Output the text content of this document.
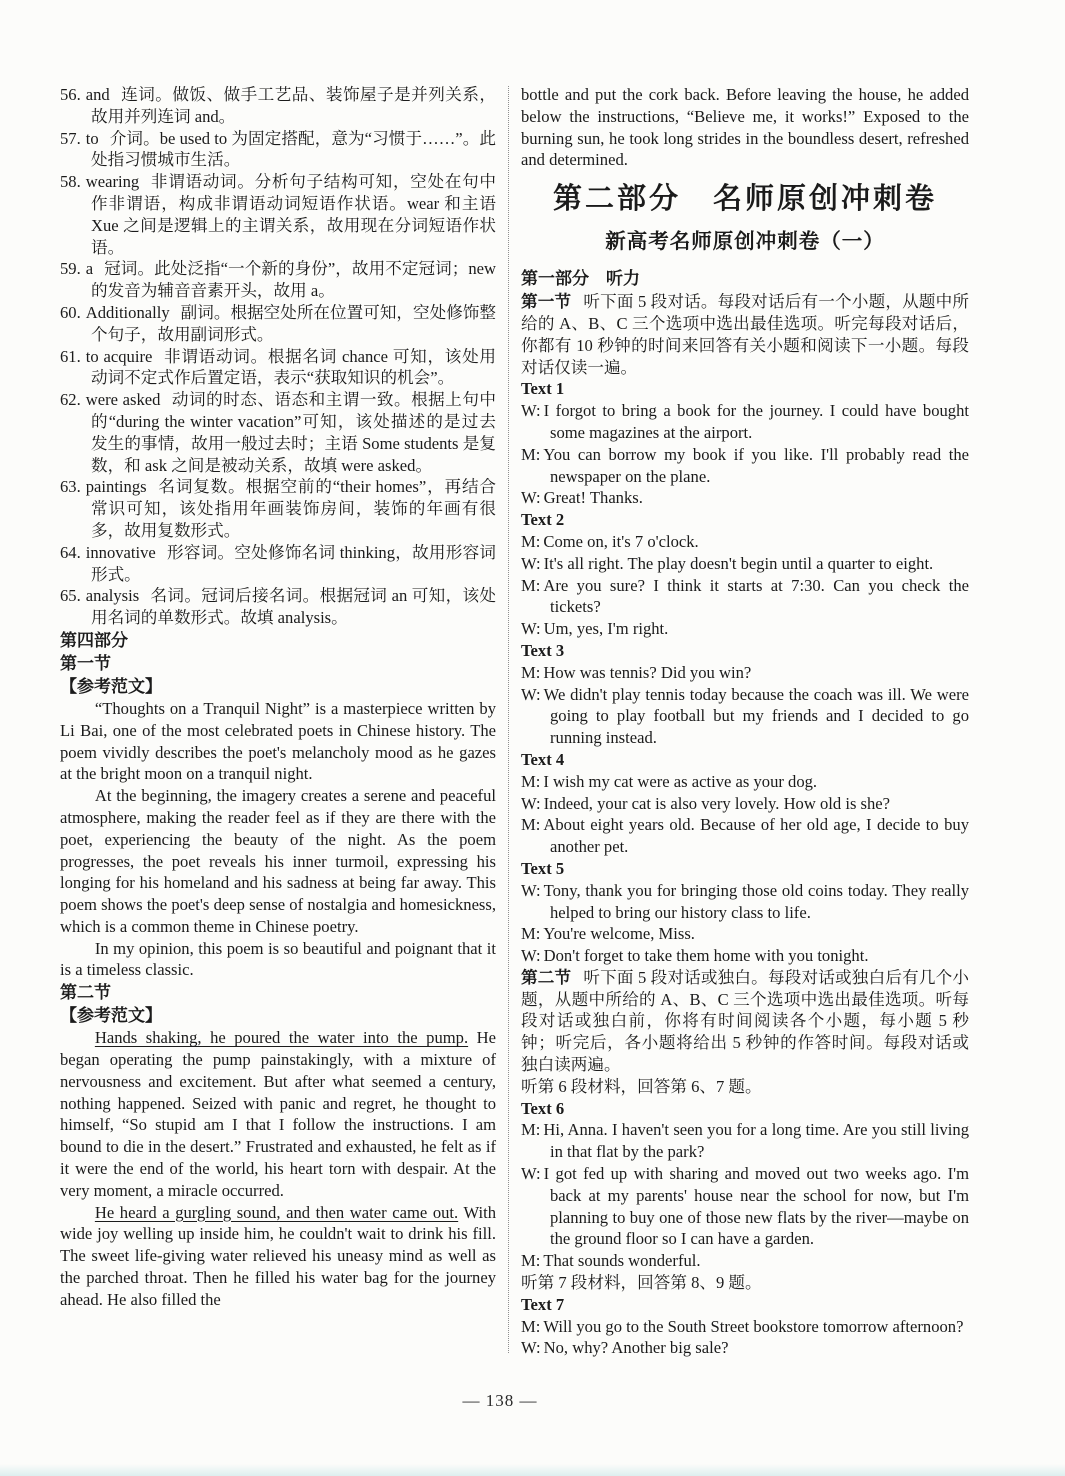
56. and 连词。做饭、做手工艺品、装饰屋子是并列关系，故用并列连词 and。
57. to 介词。be used to 为固定搭配，意为“习惯于……”。此处指习惯城市生活。
58. wearing 非谓语动词。分析句子结构可知，空处在句中作非谓语，构成非谓语动词短语作状语。wear 和主语 Xue 之间是逻辑上的主谓关系，故用现在分词短语作状语。
59. a 冠词。此处泛指“一个新的身份”，故用不定冠词；new 的发音为辅音音素开头，故用 a。
60. Additionally 副词。根据空处所在位置可知，空处修饰整个句子，故用副词形式。
61. to acquire 非谓语动词。根据名词 chance 可知，该处用动词不定式作后置定语，表示“获取知识的机会”。
62. were asked 动词的时态、语态和主谓一致。根据上句中的“during the winter vacation”可知，该处描述的是过去发生的事情，故用一般过去时；主语 Some students 是复数，和 ask 之间是被动关系，故填 were asked。
63. paintings 名词复数。根据空前的“their homes”，再结合常识可知，该处指用年画装饰房间，装饰的年画有很多，故用复数形式。
64. innovative 形容词。空处修饰名词 thinking，故用形容词形式。
65. analysis 名词。冠词后接名词。根据冠词 an 可知，该处用名词的单数形式。故填 analysis。
第四部分
第一节
【参考范文】

“Thoughts on a Tranquil Night” is a masterpiece written by Li Bai, one of the most celebrated poets in Chinese history. The poem vividly describes the poet's melancholy mood as he gazes at the bright moon on a tranquil night.

At the beginning, the imagery creates a serene and peaceful atmosphere, making the reader feel as if they are there with the poet, experiencing the beauty of the night. As the poem progresses, the poet reveals his inner turmoil, expressing his longing for his homeland and his sadness at being far away. This poem shows the poet's deep sense of nostalgia and homesickness, which is a common theme in Chinese poetry.

In my opinion, this poem is so beautiful and poignant that it is a timeless classic.

第二节
【参考范文】

Hands shaking, he poured the water into the pump. He began operating the pump painstakingly, with a mixture of nervousness and excitement. But after what seemed a century, nothing happened. Seized with panic and regret, he thought to himself, “So stupid am I that I follow the instructions. I am bound to die in the desert.” Frustrated and exhausted, he felt as if it were the end of the world, his heart torn with despair. At the very moment, a miracle occurred.

He heard a gurgling sound, and then water came out. With wide joy welling up inside him, he couldn't wait to drink his fill. The sweet life-giving water relieved his uneasy mind as well as the parched throat. Then he filled his water bag for the journey ahead. He also filled the

bottle and put the cork back. Before leaving the house, he added below the instructions, “Believe me, it works!” Exposed to the burning sun, he took long strides in the boundless desert, refreshed and determined.

第二部分　名师原创冲刺卷
新高考名师原创冲刺卷（一）
第一部分　听力

第一节 听下面 5 段对话。每段对话后有一个小题，从题中所给的 A、B、C 三个选项中选出最佳选项。听完每段对话后，你都有 10 秒钟的时间来回答有关小题和阅读下一小题。每段对话仅读一遍。

Text 1
W: I forgot to bring a book for the journey. I could have bought some magazines at the airport.
M: You can borrow my book if you like. I'll probably read the newspaper on the plane.
W: Great! Thanks.
Text 2
M: Come on, it's 7 o'clock.
W: It's all right. The play doesn't begin until a quarter to eight.
M: Are you sure? I think it starts at 7:30. Can you check the tickets?
W: Um, yes, I'm right.
Text 3
M: How was tennis? Did you win?
W: We didn't play tennis today because the coach was ill. We were going to play football but my friends and I decided to go running instead.
Text 4
M: I wish my cat were as active as your dog.
W: Indeed, your cat is also very lovely. How old is she?
M: About eight years old. Because of her old age, I decide to buy another pet.
Text 5
W: Tony, thank you for bringing those old coins today. They really helped to bring our history class to life.
M: You're welcome, Miss.
W: Don't forget to take them home with you tonight.

第二节 听下面 5 段对话或独白。每段对话或独白后有几个小题，从题中所给的 A、B、C 三个选项中选出最佳选项。听每段对话或独白前，你将有时间阅读各个小题，每小题 5 秒钟；听完后，各小题将给出 5 秒钟的作答时间。每段对话或独白读两遍。

听第 6 段材料，回答第 6、7 题。

Text 6
M: Hi, Anna. I haven't seen you for a long time. Are you still living in that flat by the park?
W: I got fed up with sharing and moved out two weeks ago. I'm back at my parents' house near the school for now, but I'm planning to buy one of those new flats by the river—maybe on the ground floor so I can have a garden.
M: That sounds wonderful.

听第 7 段材料，回答第 8、9 题。

Text 7
M: Will you go to the South Street bookstore tomorrow afternoon?
W: No, why? Another big sale?
— 138 —
